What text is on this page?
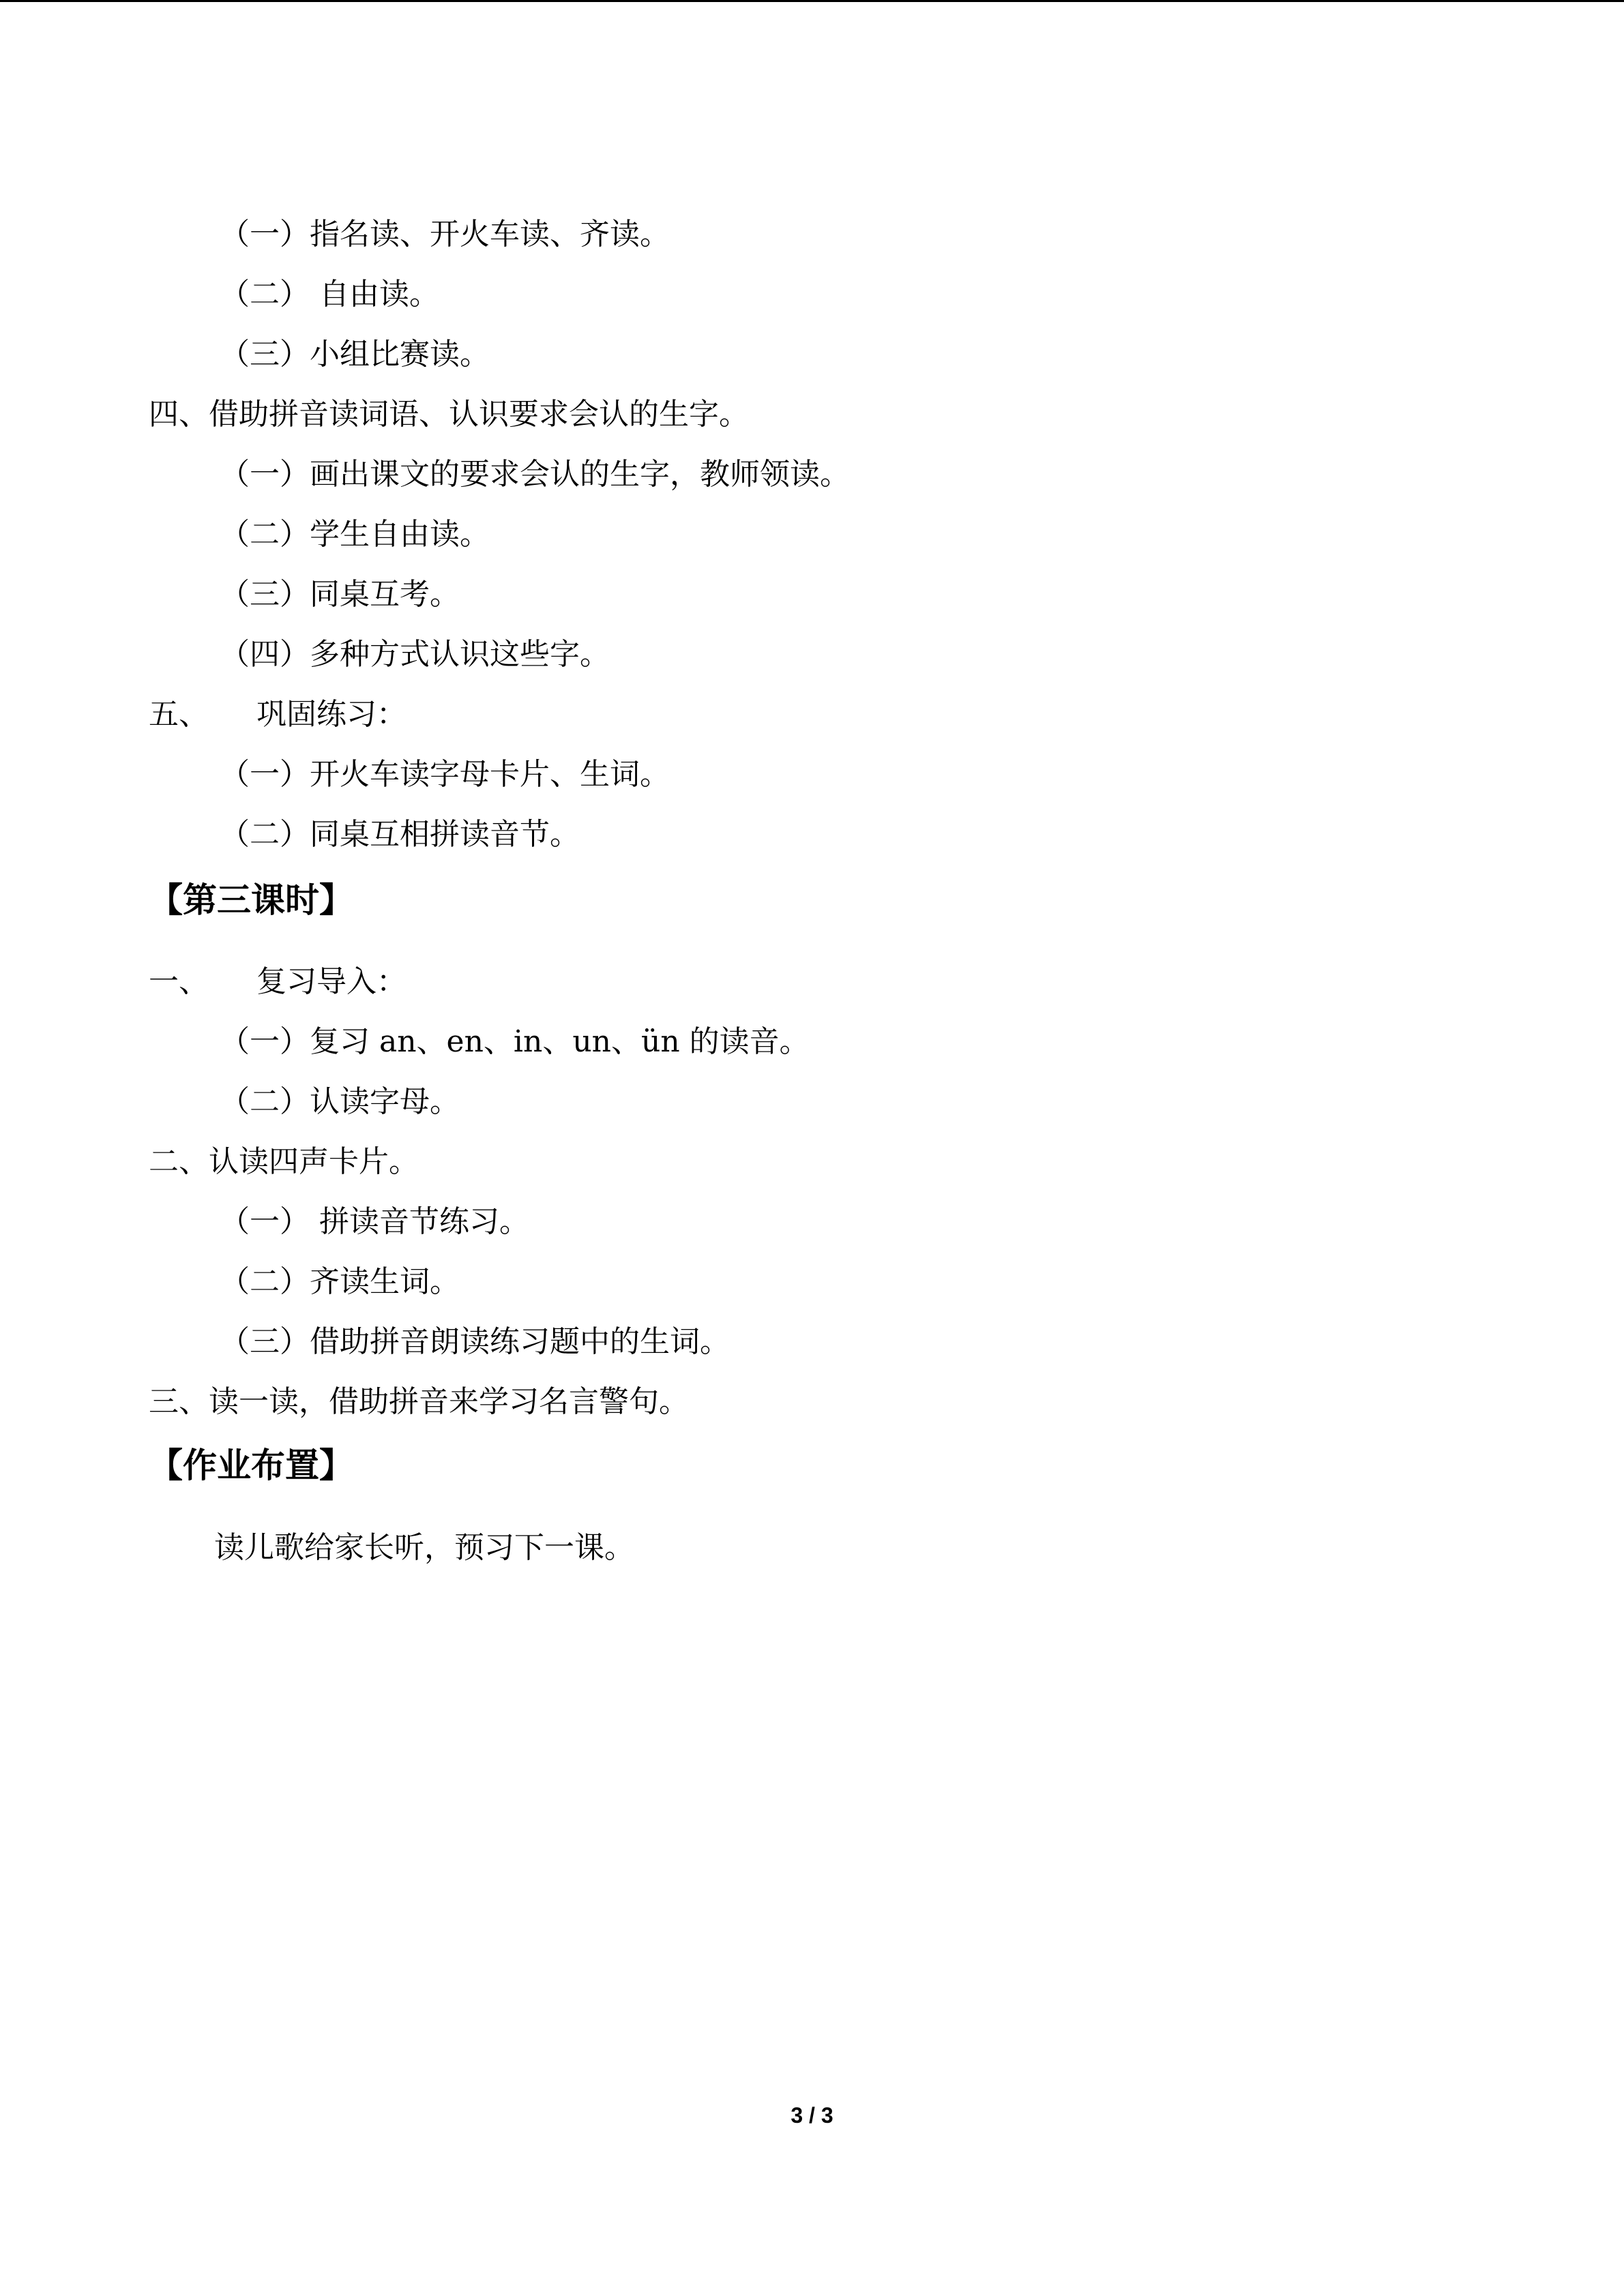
（一）指名读、开火车读、齐读。
（二） 自由读。
（三）小组比赛读。
四、借助拼音读词语、认识要求会认的生字。
（一）画出课文的要求会认的生字，教师领读。
（二）学生自由读。
（三）同桌互考。
（四）多种方式认识这些字。
五、 巩固练习：
（一）开火车读字母卡片、生词。
（二）同桌互相拼读音节。
【第三课时】
一、 复习导入：
（一）复习 an、en、in、un、ün 的读音。
（二）认读字母。
二、认读四声卡片。
（一） 拼读音节练习。
（二）齐读生词。
（三）借助拼音朗读练习题中的生词。
三、读一读，借助拼音来学习名言警句。
【作业布置】
读儿歌给家长听，预习下一课。
3 / 3
